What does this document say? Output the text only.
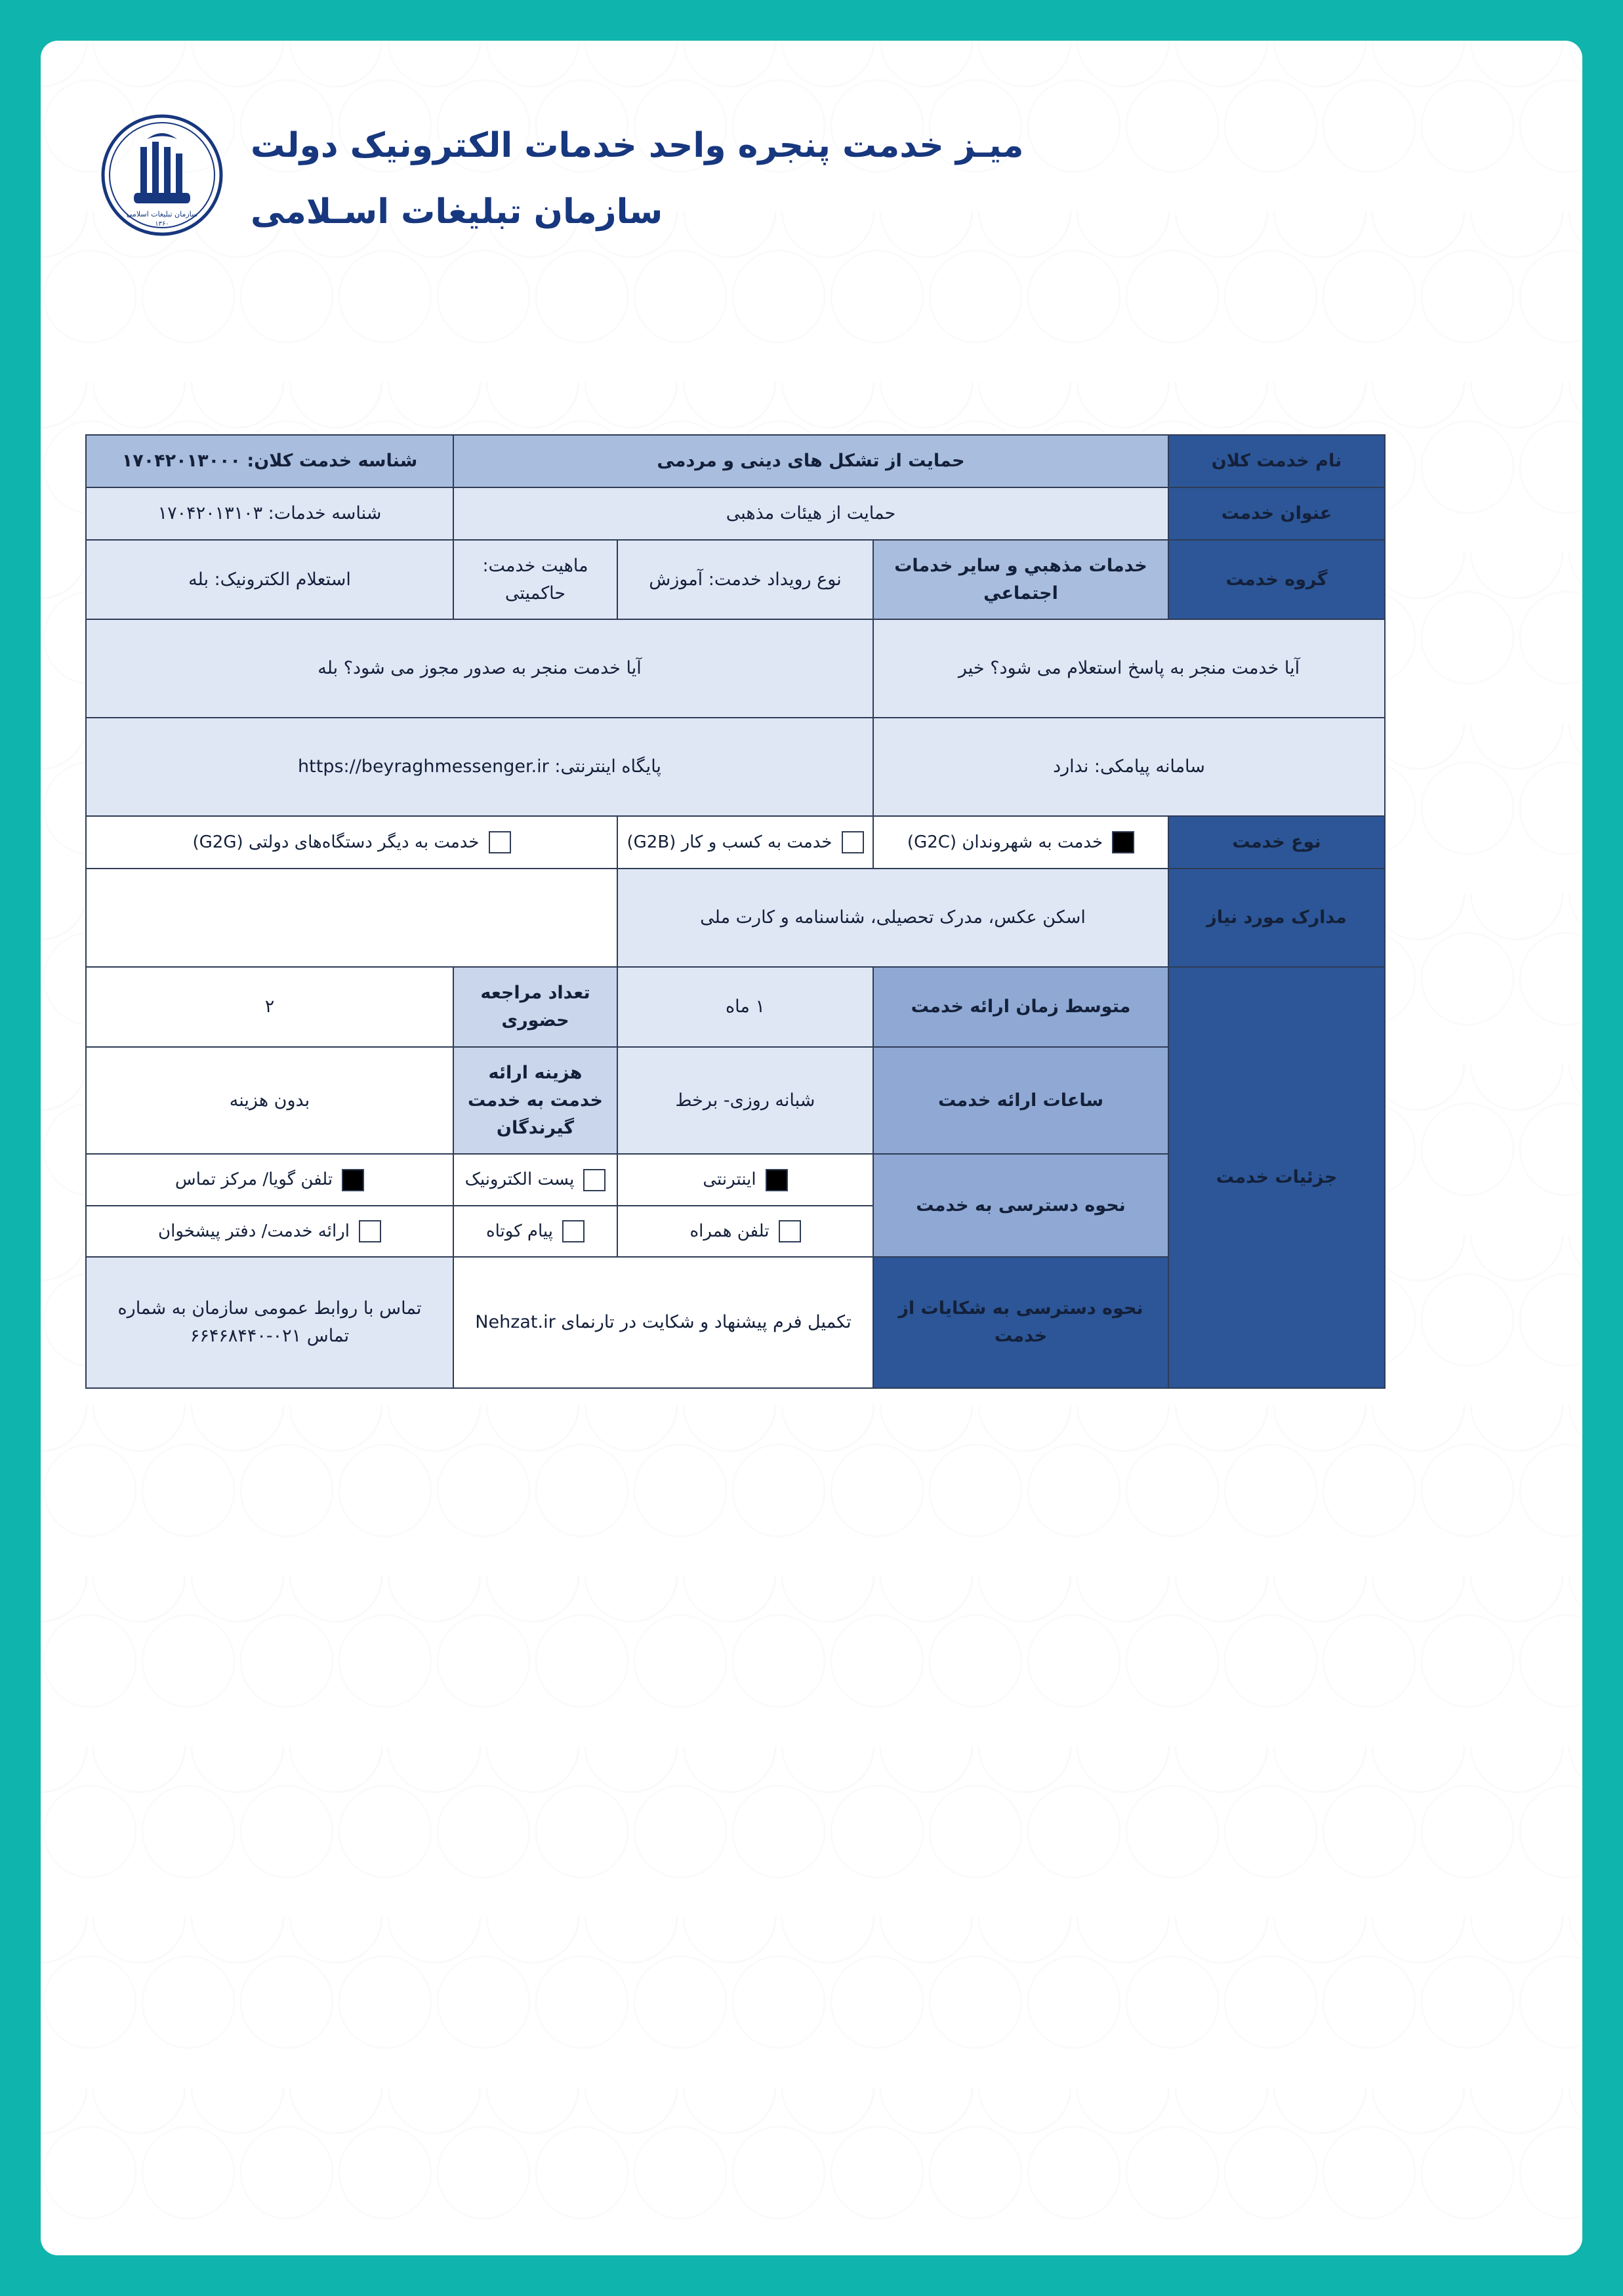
سازمان تبلیغات اسلامی
۱۳۶۰
میـز خدمت پنجره واحد خدمات الکترونیک دولت
سازمان تبلیغات اسـلامی
نام خدمت کلان	حمایت از تشکل های دینی و مردمی			شناسه خدمت کلان: ۱۷۰۴۲۰۱۳۰۰۰
عنوان خدمت	حمایت از هیئات مذهبی			شناسه خدمات: ۱۷۰۴۲۰۱۳۱۰۳
گروه خدمت	خدمات مذهبي و سایر خدمات اجتماعي	نوع رویداد خدمت: آموزش	ماهیت خدمت: حاکمیتی	استعلام الکترونیک: بله
آیا خدمت منجر به پاسخ استعلام می شود؟ خیر		آیا خدمت منجر به صدور مجوز می شود؟ بله		
سامانه پیامکی: ندارد		پایگاه اینترنتی: https://beyraghmessenger.ir		
نوع خدمت	خدمت به شهروندان (G2C)	خدمت به کسب و کار (G2B)	خدمت به دیگر دستگاه‌های دولتی (G2G)	

مدارک مورد نیاز	اسکن عکس، مدرک تحصیلی، شناسنامه و کارت ملی			
جزئیات خدمت	متوسط زمان ارائه خدمت	۱ ماه	تعداد مراجعه حضوری	۲
	ساعات ارائه خدمت	شبانه روزی- برخط	هزینه ارائه خدمت به خدمت گیرندگان	بدون هزینه
	نحوه دسترسی به خدمت	اینترنتی	پست الکترونیک	تلفن گویا/ مرکز تماس

		تلفن همراه	پیام کوتاه	ارائه خدمت/ دفتر پیشخوان

	نحوه دسترسی به شکایات از خدمت	تکمیل فرم پیشنهاد و شکایت در تارنمای Nehzat.ir		تماس با روابط عمومی سازمان به شماره تماس ۰۲۱-۶۶۴۶۸۴۴۰
